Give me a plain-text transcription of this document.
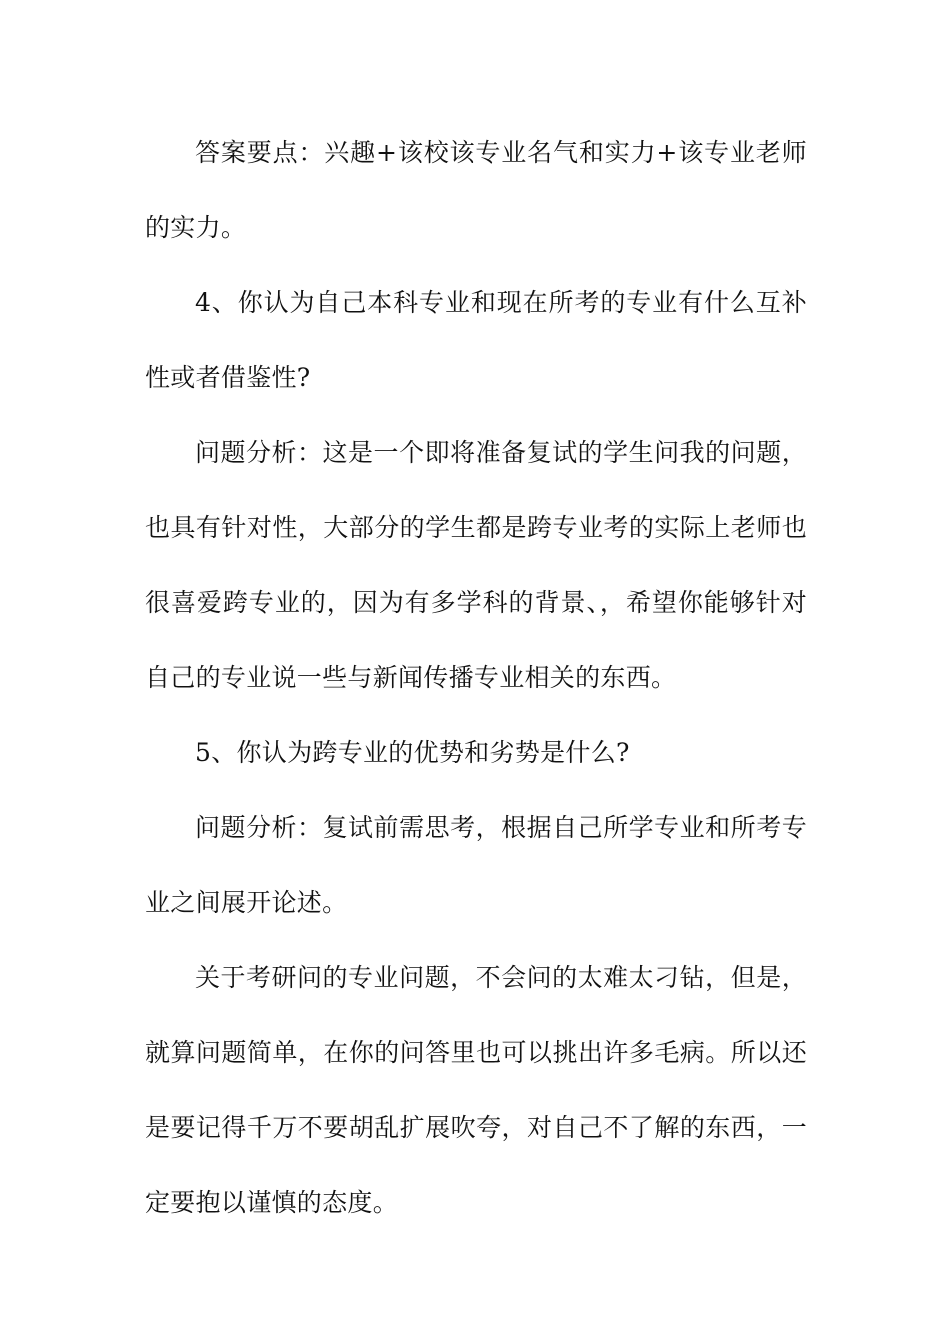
答案要点：兴趣+该校该专业名气和实力+该专业老师的实力。

4、你认为自己本科专业和现在所考的专业有什么互补性或者借鉴性?

问题分析：这是一个即将准备复试的学生问我的问题，也具有针对性，大部分的学生都是跨专业考的实际上老师也很喜爱跨专业的，因为有多学科的背景、，希望你能够针对自己的专业说一些与新闻传播专业相关的东西。

5、你认为跨专业的优势和劣势是什么?

问题分析：复试前需思考，根据自己所学专业和所考专业之间展开论述。

关于考研问的专业问题，不会问的太难太刁钻，但是，就算问题简单，在你的问答里也可以挑出许多毛病。所以还是要记得千万不要胡乱扩展吹夸，对自己不了解的东西，一定要抱以谨慎的态度。
